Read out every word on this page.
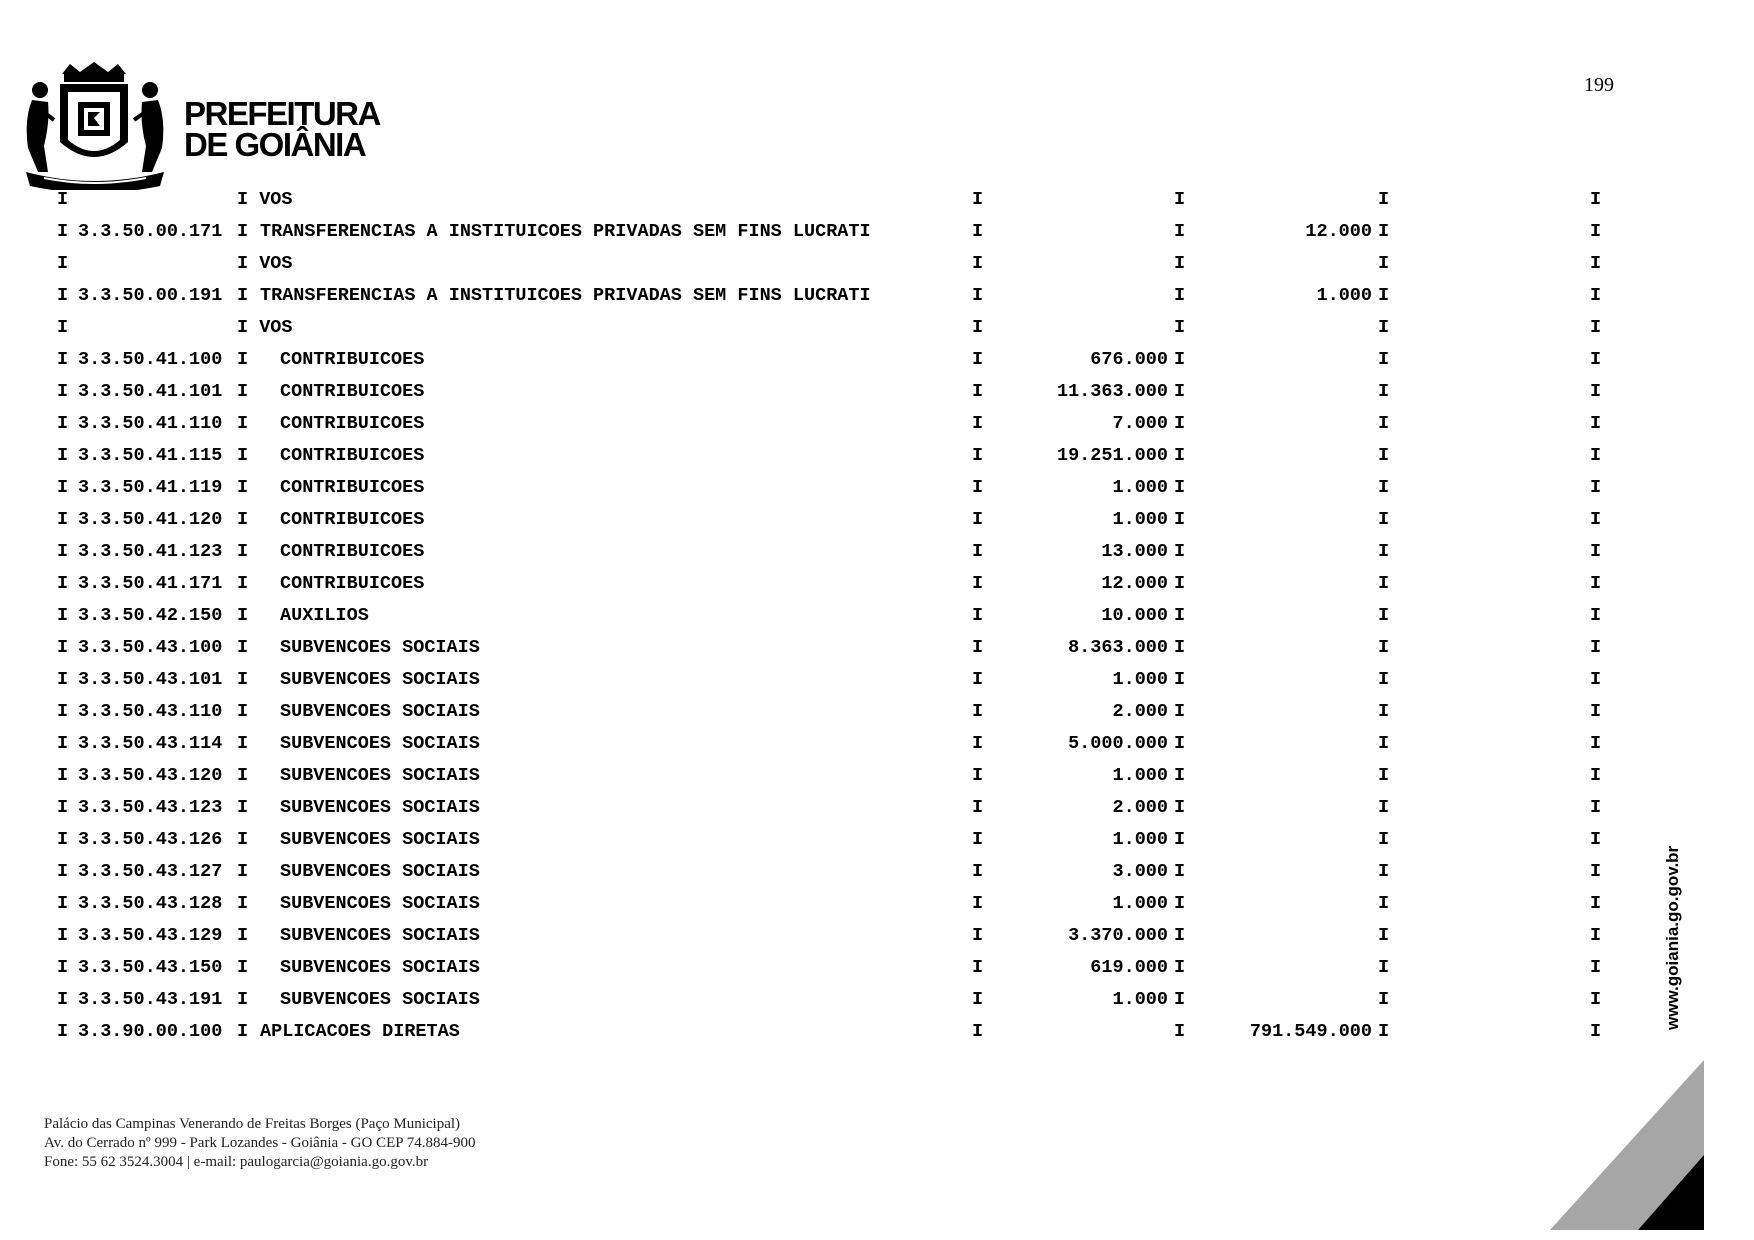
PREFEITURA
DE GOIÂNIA
199
I	I VOS	I	I	I	I
I 3.3.50.00.171 I TRANSFERENCIAS A INSTITUICOES PRIVADAS SEM FINS LUCRATI	I	I	12.000 I	I
I	I VOS	I	I	I	I
I 3.3.50.00.191 I TRANSFERENCIAS A INSTITUICOES PRIVADAS SEM FINS LUCRATI	I	I	1.000 I	I
I	I VOS	I	I	I	I
I 3.3.50.41.100 I CONTRIBUICOES	I	676.000 I	I	I
I 3.3.50.41.101 I CONTRIBUICOES	I	11.363.000 I	I	I
I 3.3.50.41.110 I CONTRIBUICOES	I	7.000 I	I	I
I 3.3.50.41.115 I CONTRIBUICOES	I	19.251.000 I	I	I
I 3.3.50.41.119 I CONTRIBUICOES	I	1.000 I	I	I
I 3.3.50.41.120 I CONTRIBUICOES	I	1.000 I	I	I
I 3.3.50.41.123 I CONTRIBUICOES	I	13.000 I	I	I
I 3.3.50.41.171 I CONTRIBUICOES	I	12.000 I	I	I
I 3.3.50.42.150 I AUXILIOS	I	10.000 I	I	I
I 3.3.50.43.100 I SUBVENCOES SOCIAIS	I	8.363.000 I	I	I
I 3.3.50.43.101 I SUBVENCOES SOCIAIS	I	1.000 I	I	I
I 3.3.50.43.110 I SUBVENCOES SOCIAIS	I	2.000 I	I	I
I 3.3.50.43.114 I SUBVENCOES SOCIAIS	I	5.000.000 I	I	I
I 3.3.50.43.120 I SUBVENCOES SOCIAIS	I	1.000 I	I	I
I 3.3.50.43.123 I SUBVENCOES SOCIAIS	I	2.000 I	I	I
I 3.3.50.43.126 I SUBVENCOES SOCIAIS	I	1.000 I	I	I
I 3.3.50.43.127 I SUBVENCOES SOCIAIS	I	3.000 I	I	I
I 3.3.50.43.128 I SUBVENCOES SOCIAIS	I	1.000 I	I	I
I 3.3.50.43.129 I SUBVENCOES SOCIAIS	I	3.370.000 I	I	I
I 3.3.50.43.150 I SUBVENCOES SOCIAIS	I	619.000 I	I	I
I 3.3.50.43.191 I SUBVENCOES SOCIAIS	I	1.000 I	I	I
I 3.3.90.00.100 I APLICACOES DIRETAS	I	I	791.549.000 I	I
www.goiania.go.gov.br
Palácio das Campinas Venerando de Freitas Borges (Paço Municipal)
Av. do Cerrado nº 999 - Park Lozandes - Goiânia - GO CEP 74.884-900
Fone: 55 62 3524.3004 | e-mail: paulogarcia@goiania.go.gov.br
